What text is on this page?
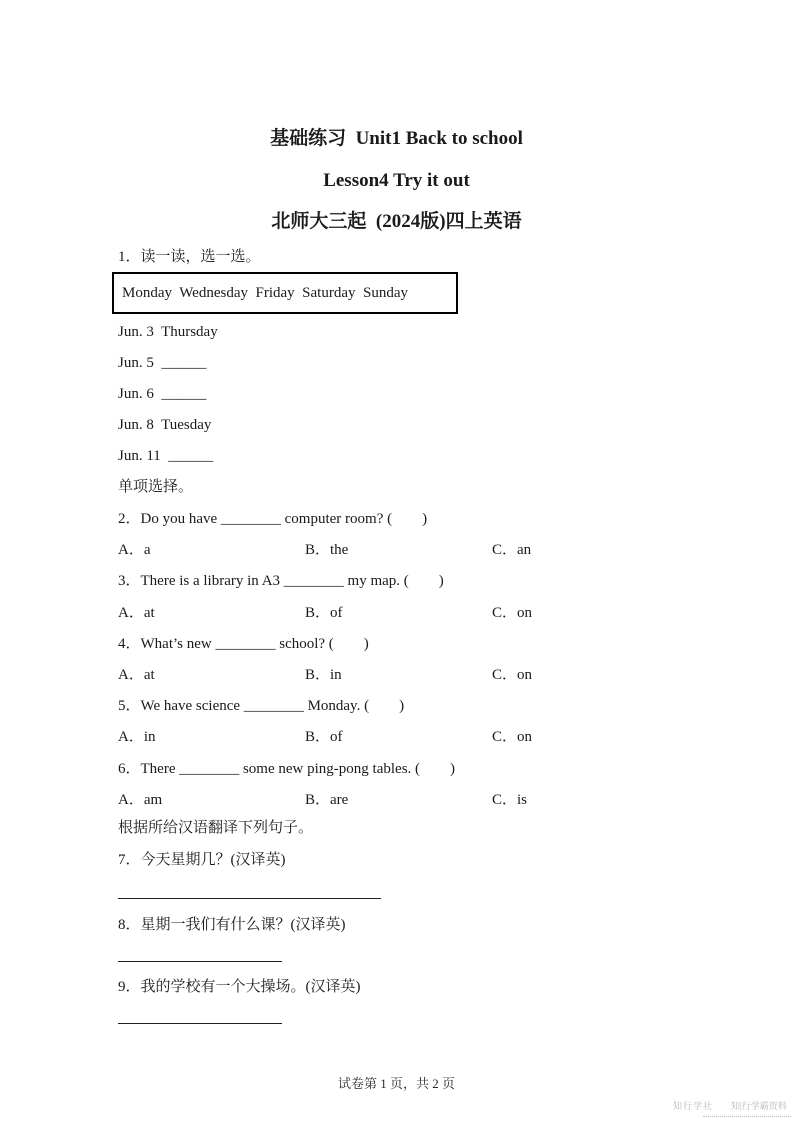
基础练习  Unit1 Back to school
Lesson4 Try it out
北师大三起  (2024版)四上英语
1．读一读，选一选。
Monday  Wednesday  Friday  Saturday  Sunday
Jun. 3  Thursday
Jun. 5  ______
Jun. 6  ______
Jun. 8  Tuesday
Jun. 11  ______
单项选择。
2．Do you have ________ computer room? (　　)
A．a	B．the	C．an
3．There is a library in A3 ________ my map. (　　)
A．at	B．of	C．on
4．What’s new ________ school? (　　)
A．at	B．in	C．on
5．We have science ________ Monday. (　　)
A．in	B．of	C．on
6．There ________ some new ping-pong tables. (　　)
A．am	B．are	C．is
根据所给汉语翻译下列句子。
7．今天星期几？(汉译英)
8．星期一我们有什么课？(汉译英)
9．我的学校有一个大操场。(汉译英)
试卷第 1 页，共 2 页
知行学社 知|行学霸资料
